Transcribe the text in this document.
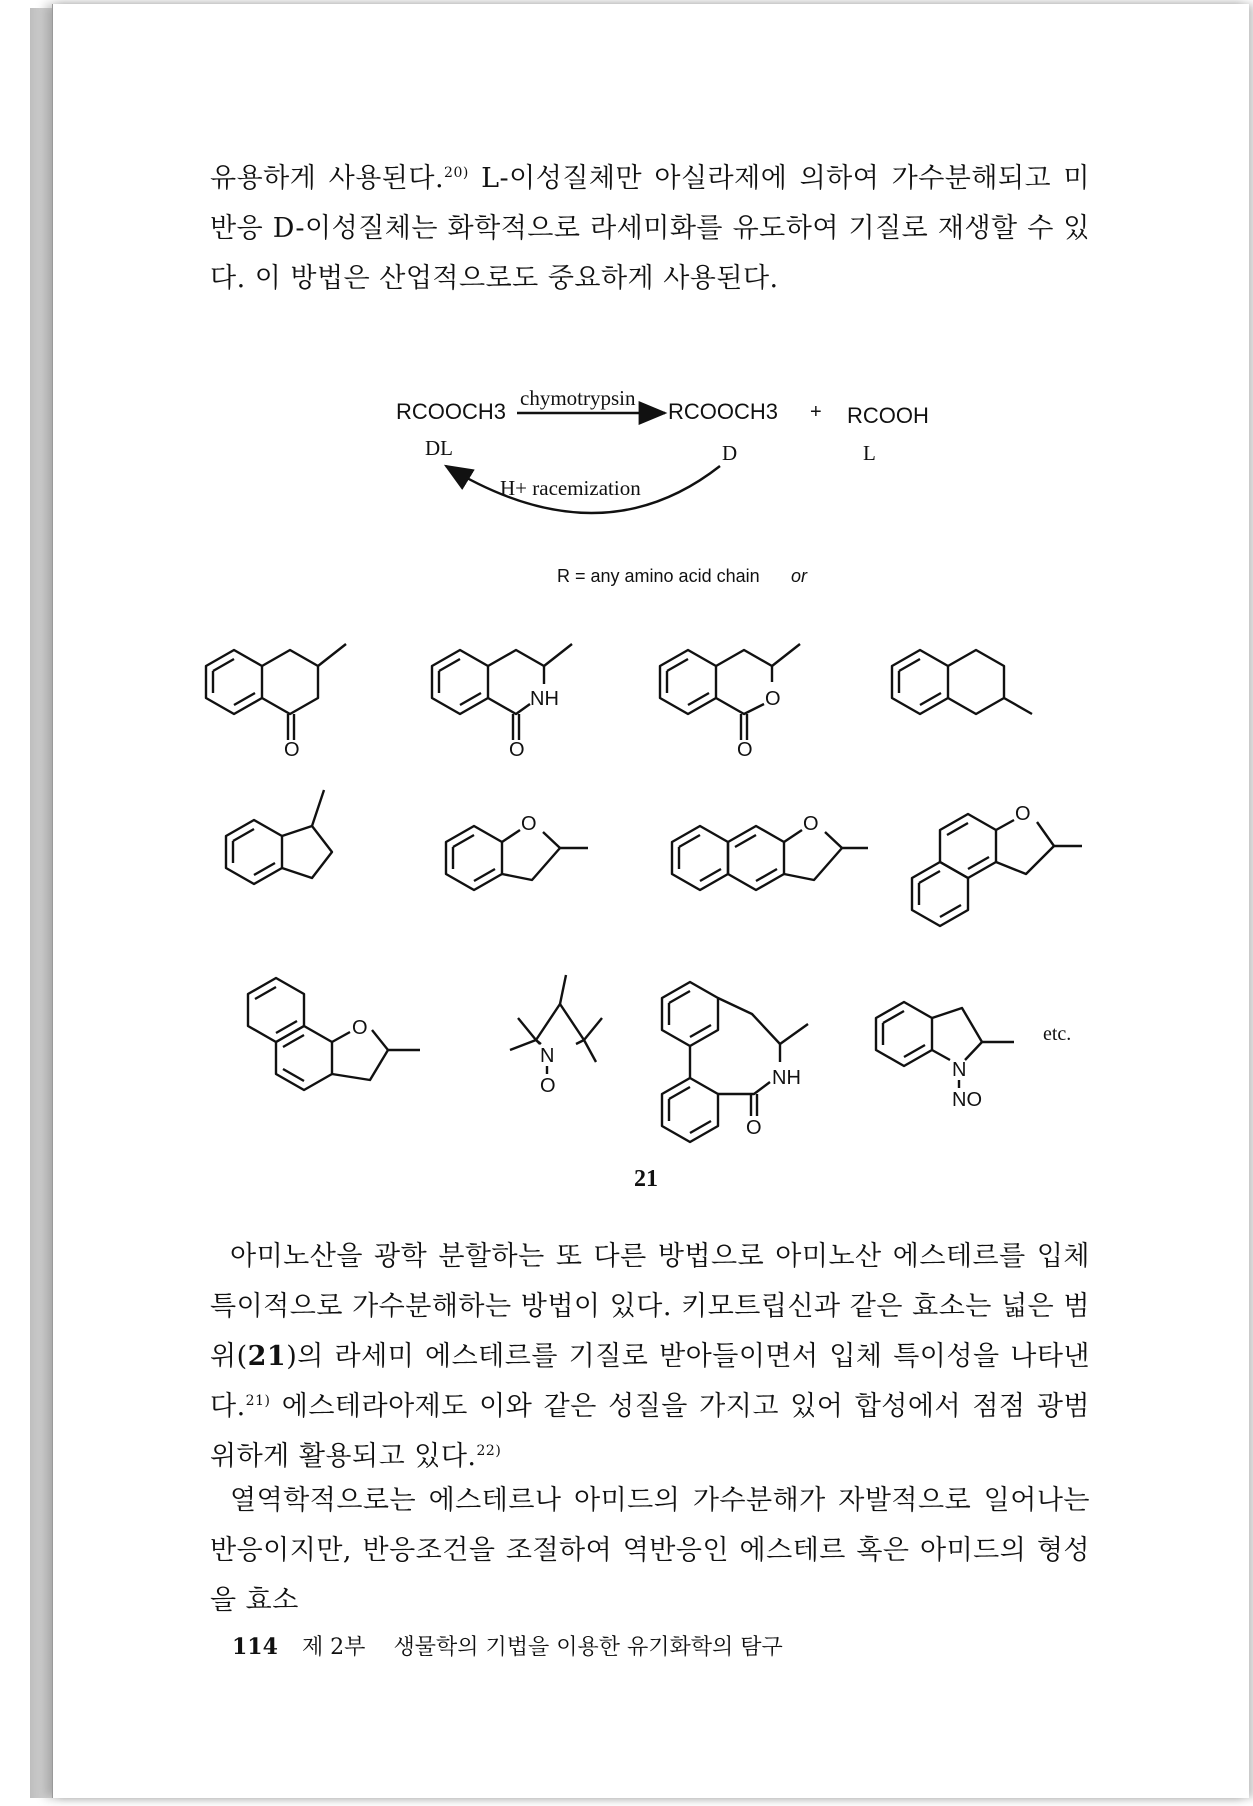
유용하게 사용된다.$^{20)}$ L-이성질체만 아실라제에 의하여 가수분해되고 미반응 D-이성질체는 화학적으로 라세미화를 유도하여 기질로 재생할 수 있다. 이 방법은 산업적으로도 중요하게 사용된다.

RCOOCH3
chymotrypsin
RCOOCH3 + RCOOH
DL	D	L
H+ racemization
R = any amino acid chain or
O
NH
O
O
O
O	O	O
O
N
O	NH
O
N
NO
etc.
21

아미노산을 광학 분할하는 또 다른 방법으로 아미노산 에스테르를 입체 특이적으로 가수분해하는 방법이 있다. 키모트립신과 같은 효소는 넓은 범위(21)의 라세미 에스테르를 기질로 받아들이면서 입체 특이성을 나타낸다.$^{21)}$ 에스테라아제도 이와 같은 성질을 가지고 있어 합성에서 점점 광범위하게 활용되고 있다.$^{22)}$

열역학적으로는 에스테르나 아미드의 가수분해가 자발적으로 일어나는 반응이지만, 반응조건을 조절하여 역반응인 에스테르 혹은 아미드의 형성을 효소

114 제 2부 생물학의 기법을 이용한 유기화학의 탐구
